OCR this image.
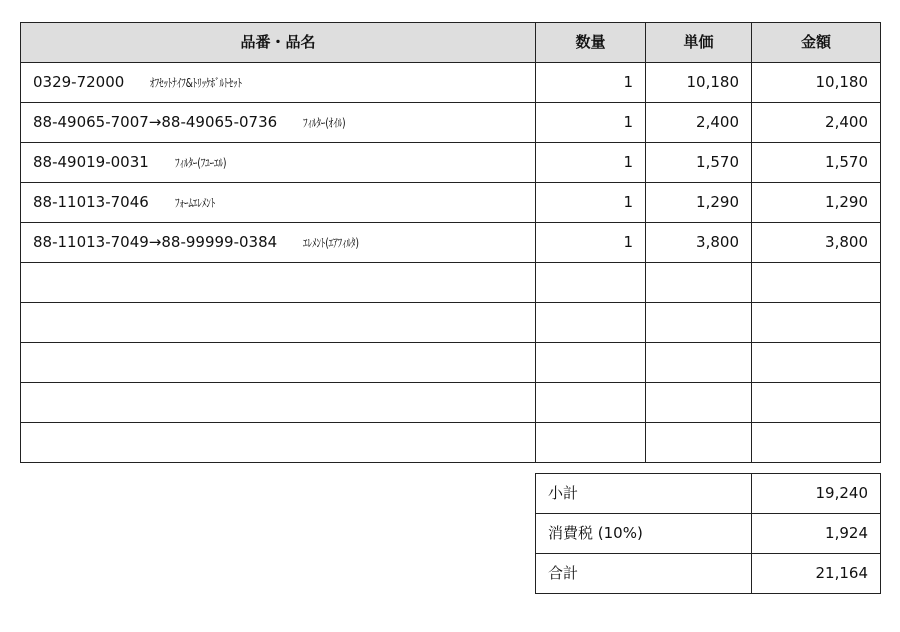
品番・品名	数量	単価	金額
0329-72000 ｵﾌｾｯﾄﾅｲﾌ&ﾄﾘｯｹﾎﾞﾙﾄｾｯﾄ	1	10,180	10,180
88-49065-7007→88-49065-0736 ﾌｨﾙﾀｰ(ｵｲﾙ)	1	2,400	2,400
88-49019-0031 ﾌｨﾙﾀｰ(ﾌﾕｰｴﾙ)	1	1,570	1,570
88-11013-7046 ﾌｫｰﾑｴﾚﾒﾝﾄ	1	1,290	1,290
88-11013-7049→88-99999-0384 ｴﾚﾒﾝﾄ(ｴｱﾌｨﾙﾀ)	1	3,800	3,800

小計	19,240
消費税 (10%)	1,924
合計	21,164
